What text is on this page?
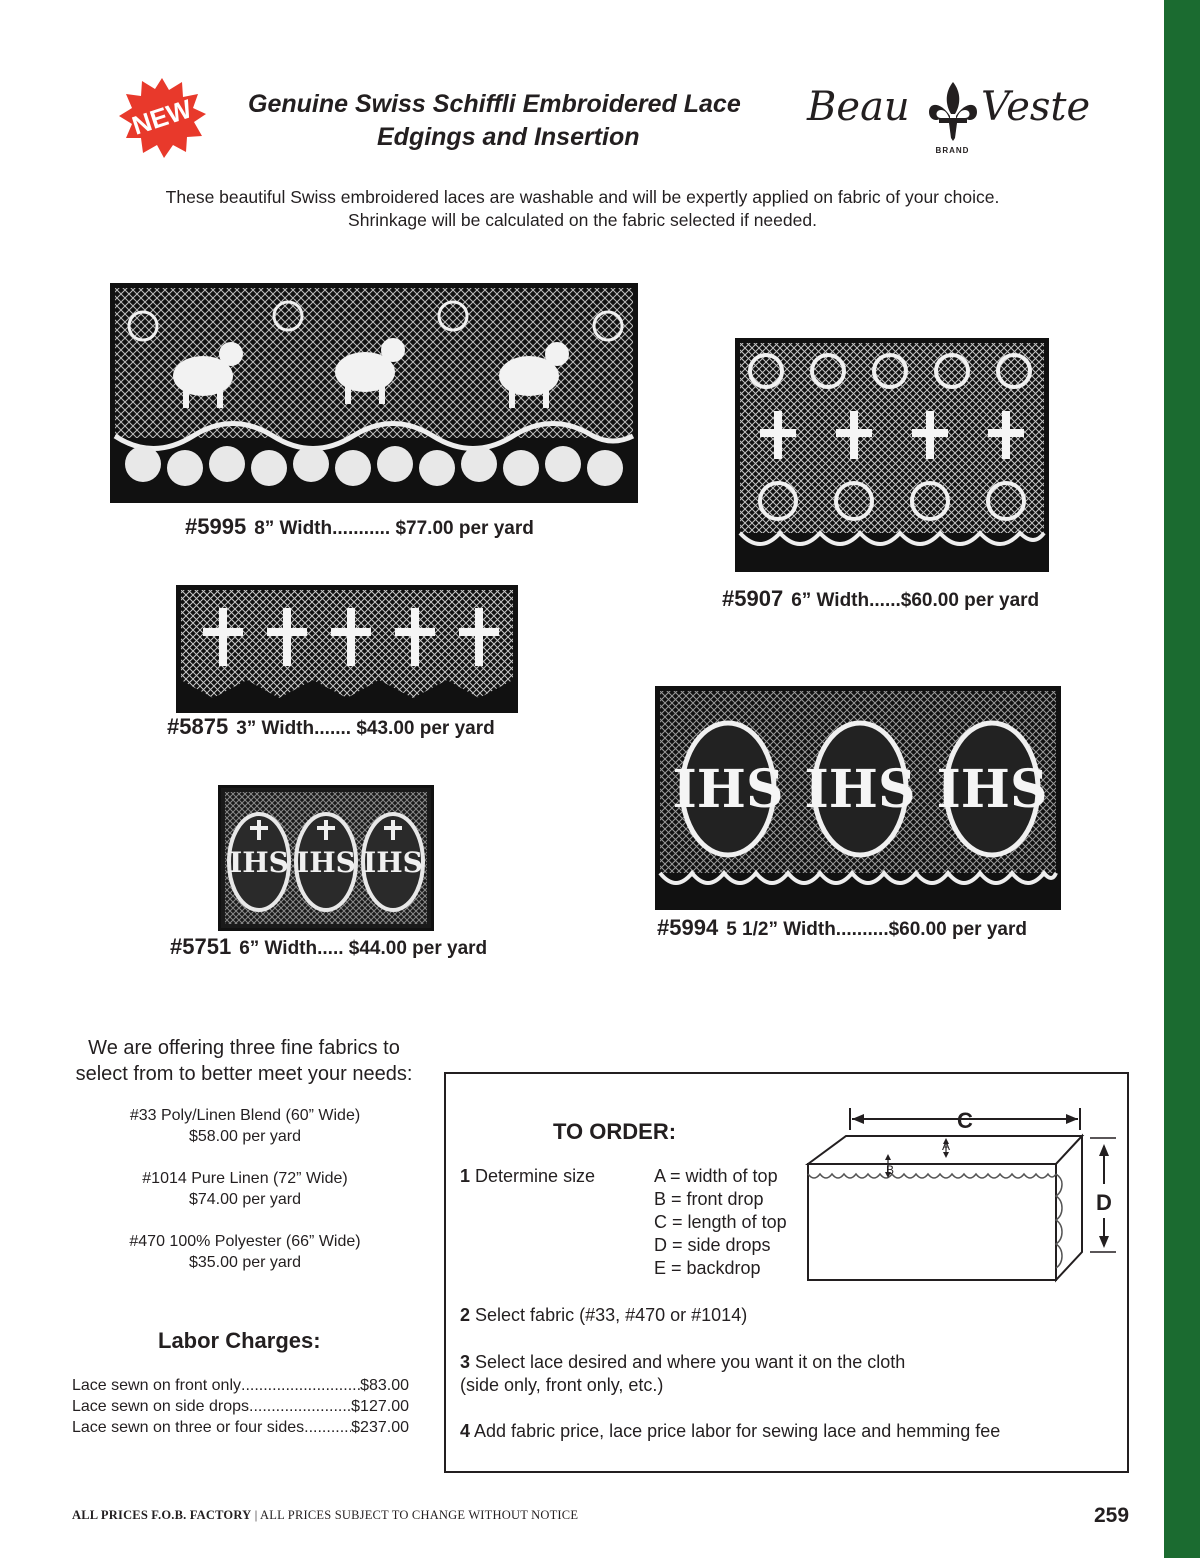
NEW	Genuine Swiss Schiffli Embroidered Lace
Edgings and Insertion
Beau Veste
BRAND
These beautiful Swiss embroidered laces are washable and will be expertly applied on fabric of your choice.
Shrinkage will be calculated on the fabric selected if needed.
#5995 8” Width........... $77.00 per yard
#5907 6” Width......$60.00 per yard
#5875 3” Width....... $43.00 per yard
IHS IHS IHS
#5994 5 1/2” Width..........$60.00 per yard
IHS IHS IHS
#5751 6” Width..... $44.00 per yard
We are offering three fine fabrics to
select from to better meet your needs:
#33 Poly/Linen Blend (60” Wide)
$58.00 per yard
#1014 Pure Linen (72” Wide)
$74.00 per yard
#470 100% Polyester (66” Wide)
$35.00 per yard
Labor Charges:
Lace sewn on front only .....	$83.00
Lace sewn on side drops .....	$127.00
Lace sewn on three or four sides .....	$237.00
TO ORDER:
1 Determine size	A = width of top
B = front drop
C = length of top
D = side drops
E = backdrop
2 Select fabric (#33, #470 or #1014)
3 Select lace desired and where you want it on the cloth
(side only, front only, etc.)
4 Add fabric price, lace price labor for sewing lace and hemming fee
C
A
B
D
ALL PRICES F.O.B. FACTORY | ALL PRICES SUBJECT TO CHANGE WITHOUT NOTICE	259
